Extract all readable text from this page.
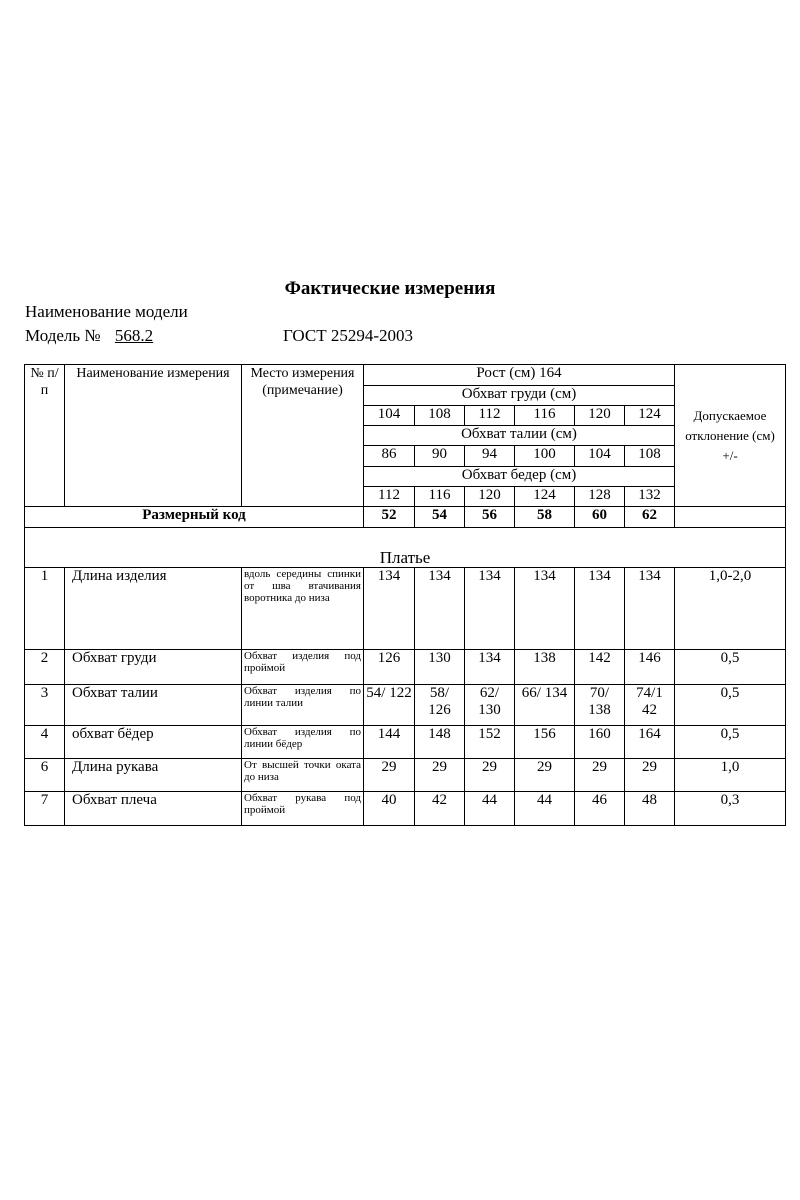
Фактические измерения
Наименование модели
Модель № 568.2	ГОСТ 25294-2003
№ п/п	Наименование измерения	Место измерения (примечание)	Рост (см) 164						Допускаемое отклонение (см) +/-
			Обхват груди (см)						
			104	108	112	116	120	124	
			Обхват талии (см)						
			86	90	94	100	104	108	
			Обхват бедер (см)						
			112	116	120	124	128	132	
Размерный код			52	54	56	58	60	62	
Платье									
1	Длина изделия	вдоль середины спинки от шва втачивания воротника до низа	134	134	134	134	134	134	1,0-2,0
2	Обхват груди	Обхват изделия под проймой	126	130	134	138	142	146	0,5
3	Обхват талии	Обхват изделия по линии талии	54/ 122	58/ 126	62/ 130	66/ 134	70/ 138	74/1 42	0,5
4	обхват бёдер	Обхват изделия по линии бёдер	144	148	152	156	160	164	0,5
6	Длина рукава	От высшей точки оката до низа	29	29	29	29	29	29	1,0
7	Обхват плеча	Обхват рукава под проймой	40	42	44	44	46	48	0,3
